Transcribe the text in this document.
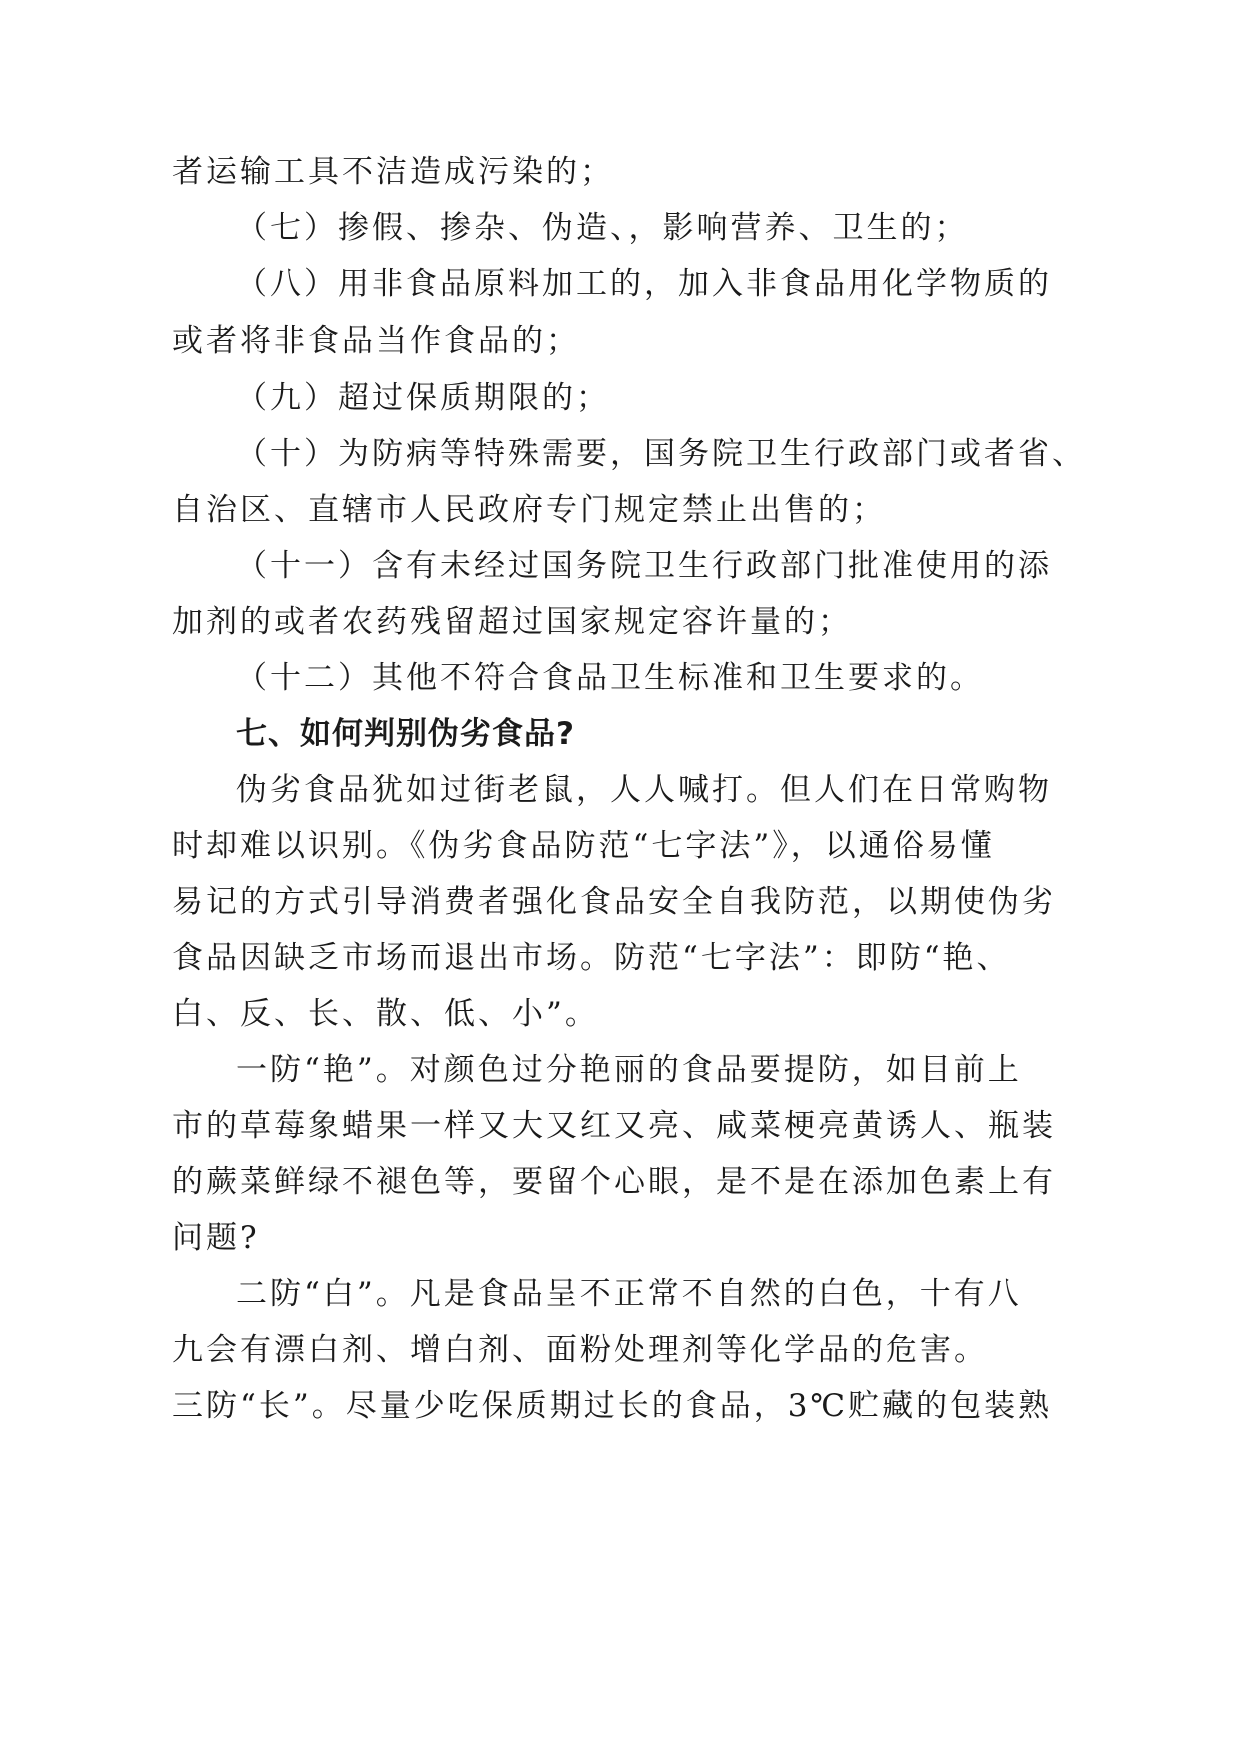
者运输工具不洁造成污染的；
（七）掺假、掺杂、伪造、，影响营养、卫生的；
（八）用非食品原料加工的，加入非食品用化学物质的
或者将非食品当作食品的；
（九）超过保质期限的；
（十）为防病等特殊需要，国务院卫生行政部门或者省、
自治区、直辖市人民政府专门规定禁止出售的；
（十一）含有未经过国务院卫生行政部门批准使用的添
加剂的或者农药残留超过国家规定容许量的；
（十二）其他不符合食品卫生标准和卫生要求的。
七、如何判别伪劣食品?
伪劣食品犹如过街老鼠，人人喊打。但人们在日常购物
时却难以识别。《伪劣食品防范“七字法”》，以通俗易懂
易记的方式引导消费者强化食品安全自我防范，以期使伪劣
食品因缺乏市场而退出市场。防范“七字法”：即防“艳、
白、反、长、散、低、小”。
一防“艳”。对颜色过分艳丽的食品要提防，如目前上
市的草莓象蜡果一样又大又红又亮、咸菜梗亮黄诱人、瓶装
的蕨菜鲜绿不褪色等，要留个心眼，是不是在添加色素上有
问题?
二防“白”。凡是食品呈不正常不自然的白色，十有八
九会有漂白剂、增白剂、面粉处理剂等化学品的危害。
三防“长”。尽量少吃保质期过长的食品，3℃贮藏的包装熟
